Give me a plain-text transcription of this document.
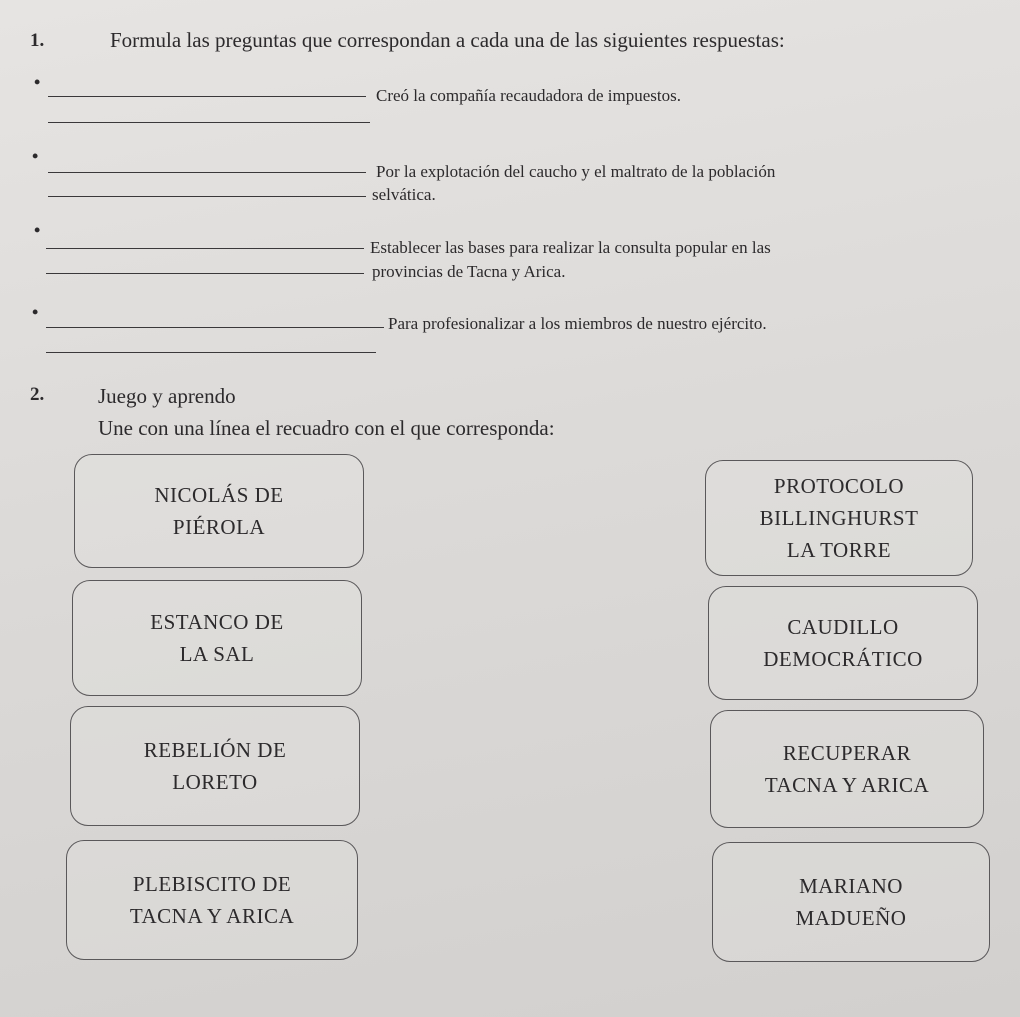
1.	Formula las preguntas que correspondan a cada una de las siguientes respuestas:
•
Creó la compañía recaudadora de impuestos.
•
Por la explotación del caucho y el maltrato de la población
selvática.
•
Establecer las bases para realizar la consulta popular en las
provincias de Tacna y Arica.
•
Para profesionalizar a los miembros de nuestro ejército.
2.	Juego y aprendo
Une con una línea el recuadro con el que corresponda:
NICOLÁS DE
PIÉROLA
ESTANCO DE
LA SAL
REBELIÓN DE
LORETO
PLEBISCITO DE
TACNA Y ARICA
PROTOCOLO
BILLINGHURST
LA TORRE
CAUDILLO
DEMOCRÁTICO
RECUPERAR
TACNA Y ARICA
MARIANO
MADUEÑO
